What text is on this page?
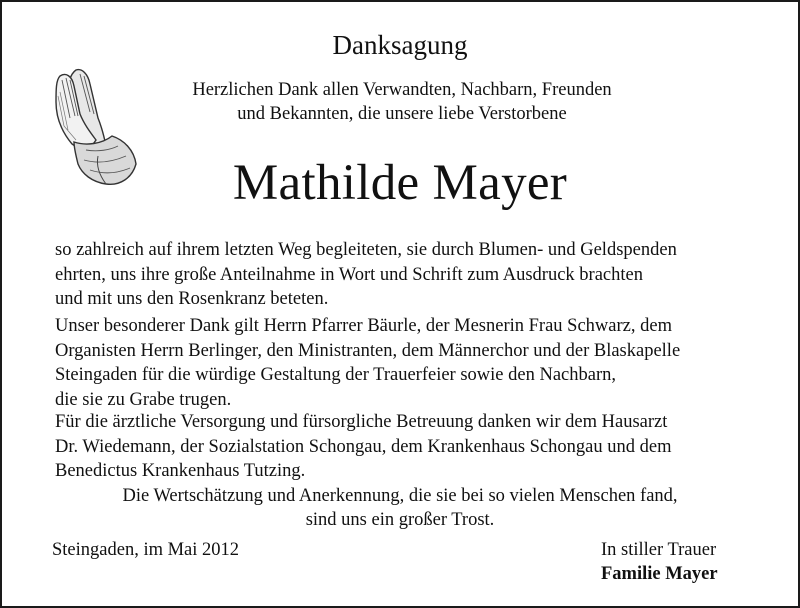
Danksagung
Herzlichen Dank allen Verwandten, Nachbarn, Freunden
und Bekannten, die unsere liebe Verstorbene
Mathilde Mayer

so zahlreich auf ihrem letzten Weg begleiteten, sie durch Blumen- und Geldspenden
ehrten, uns ihre große Anteilnahme in Wort und Schrift zum Ausdruck brachten
und mit uns den Rosenkranz beteten.

Unser besonderer Dank gilt Herrn Pfarrer Bäurle, der Mesnerin Frau Schwarz, dem
Organisten Herrn Berlinger, den Ministranten, dem Männerchor und der Blaskapelle
Steingaden für die würdige Gestaltung der Trauerfeier sowie den Nachbarn,
die sie zu Grabe trugen.

Für die ärztliche Versorgung und fürsorgliche Betreuung danken wir dem Hausarzt
Dr. Wiedemann, der Sozialstation Schongau, dem Krankenhaus Schongau und dem
Benedictus Krankenhaus Tutzing.

Die Wertschätzung und Anerkennung, die sie bei so vielen Menschen fand,
sind uns ein großer Trost.
Steingaden, im Mai 2012	In stiller Trauer
Familie Mayer
